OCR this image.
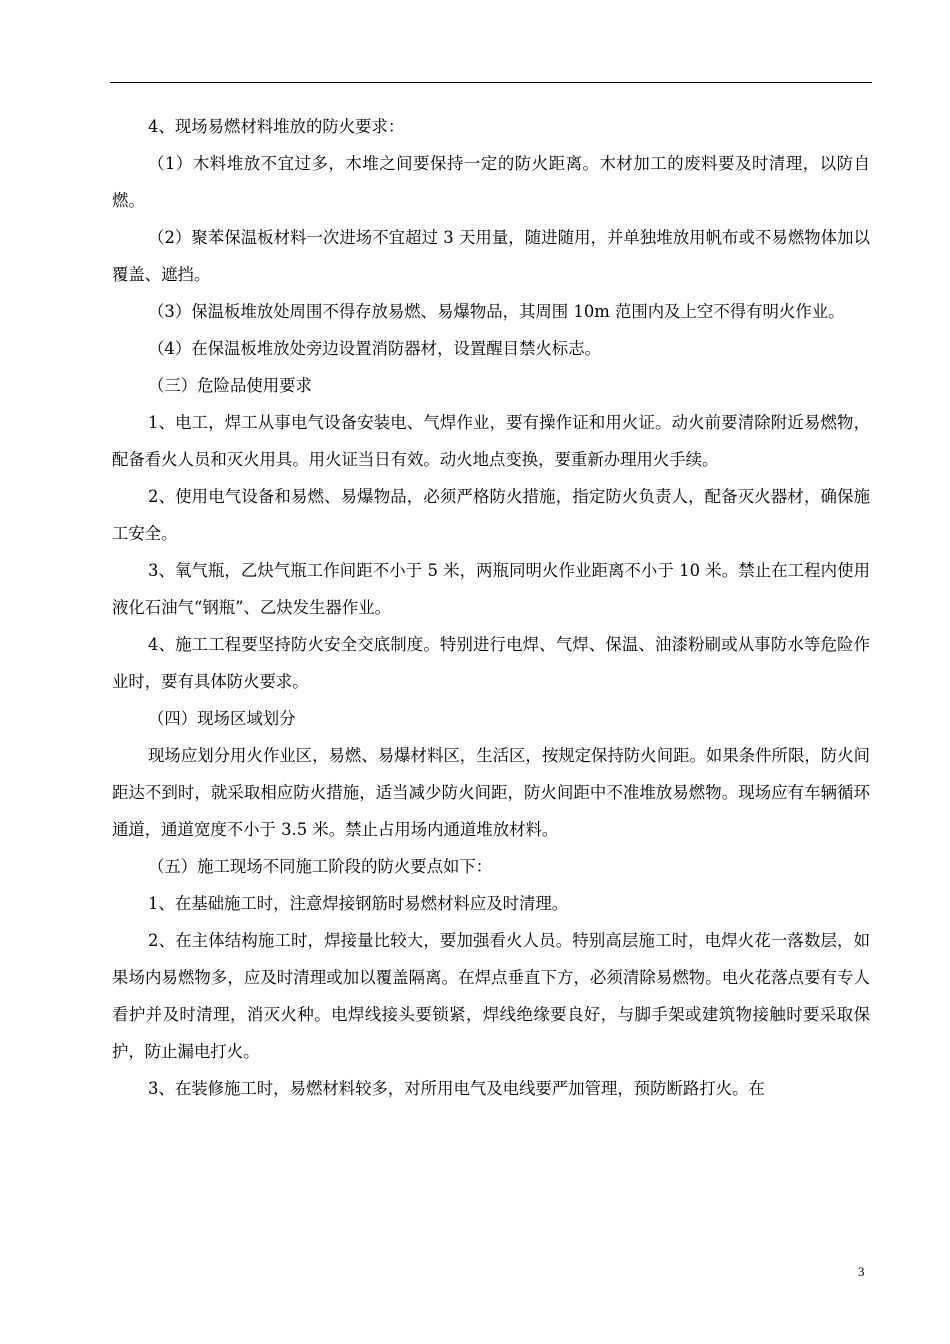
4、现场易燃材料堆放的防火要求：

（1）木料堆放不宜过多，木堆之间要保持一定的防火距离。木材加工的废料要及时清理，以防自燃。

（2）聚苯保温板材料一次进场不宜超过 3 天用量，随进随用，并单独堆放用帆布或不易燃物体加以覆盖、遮挡。

（3）保温板堆放处周围不得存放易燃、易爆物品，其周围 10m 范围内及上空不得有明火作业。

（4）在保温板堆放处旁边设置消防器材，设置醒目禁火标志。

（三）危险品使用要求

1、电工，焊工从事电气设备安装电、气焊作业，要有操作证和用火证。动火前要清除附近易燃物，配备看火人员和灭火用具。用火证当日有效。动火地点变换，要重新办理用火手续。

2、使用电气设备和易燃、易爆物品，必须严格防火措施，指定防火负责人，配备灭火器材，确保施工安全。

3、氧气瓶，乙炔气瓶工作间距不小于 5 米，两瓶同明火作业距离不小于 10 米。禁止在工程内使用液化石油气“钢瓶”、乙炔发生器作业。

4、施工工程要坚持防火安全交底制度。特别进行电焊、气焊、保温、油漆粉刷或从事防水等危险作业时，要有具体防火要求。

（四）现场区域划分

现场应划分用火作业区，易燃、易爆材料区，生活区，按规定保持防火间距。如果条件所限，防火间距达不到时，就采取相应防火措施，适当减少防火间距，防火间距中不准堆放易燃物。现场应有车辆循环通道，通道宽度不小于 3.5 米。禁止占用场内通道堆放材料。

（五）施工现场不同施工阶段的防火要点如下：

1、在基础施工时，注意焊接钢筋时易燃材料应及时清理。

2、在主体结构施工时，焊接量比较大，要加强看火人员。特别高层施工时，电焊火花一落数层，如果场内易燃物多，应及时清理或加以覆盖隔离。在焊点垂直下方，必须清除易燃物。电火花落点要有专人看护并及时清理，消灭火种。电焊线接头要锁紧，焊线绝缘要良好，与脚手架或建筑物接触时要采取保护，防止漏电打火。

3、在装修施工时，易燃材料较多，对所用电气及电线要严加管理，预防断路打火。在

3
